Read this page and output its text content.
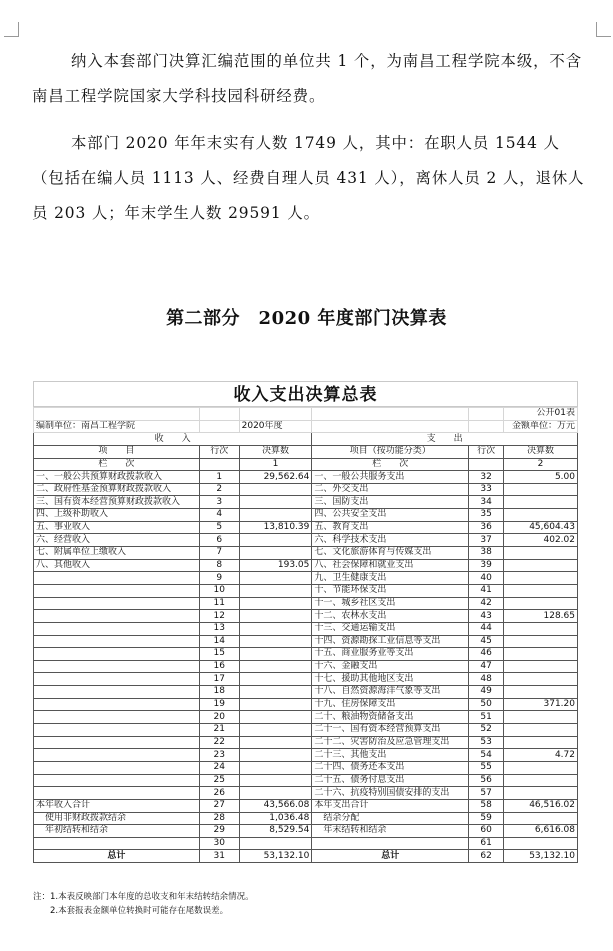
纳入本套部门决算汇编范围的单位共 1 个，为南昌工程学院本级，不含南昌工程学院国家大学科技园科研经费。

本部门 2020 年年末实有人数 1749 人，其中：在职人员 1544 人（包括在编人员 1113 人、经费自理人员 431 人），离休人员 2 人，退休人员 203 人；年末学生人数 29591 人。

第二部分　2020 年度部门决算表
收入支出决算总表
					公开01表
编制单位：南昌工程学院		2020年度			金额单位：万元
收　　入			支　　出		
项　　目	行次	决算数	项目（按功能分类）	行次	决算数
栏　　次		1	栏　　次		2
一、一般公共预算财政拨款收入	1	29,562.64	一、一般公共服务支出	32	5.00
二、政府性基金预算财政拨款收入	2		二、外交支出	33	
三、国有资本经营预算财政拨款收入	3		三、国防支出	34	
四、上级补助收入	4		四、公共安全支出	35	
五、事业收入	5	13,810.39	五、教育支出	36	45,604.43
六、经营收入	6		六、科学技术支出	37	402.02
七、附属单位上缴收入	7		七、文化旅游体育与传媒支出	38	
八、其他收入	8	193.05	八、社会保障和就业支出	39	
	9		九、卫生健康支出	40	
	10		十、节能环保支出	41	
	11		十一、城乡社区支出	42	
	12		十二、农林水支出	43	128.65
	13		十三、交通运输支出	44	
	14		十四、资源勘探工业信息等支出	45	
	15		十五、商业服务业等支出	46	
	16		十六、金融支出	47	
	17		十七、援助其他地区支出	48	
	18		十八、自然资源海洋气象等支出	49	
	19		十九、住房保障支出	50	371.20
	20		二十、粮油物资储备支出	51	
	21		二十一、国有资本经营预算支出	52	
	22		二十二、灾害防治及应急管理支出	53	
	23		二十三、其他支出	54	4.72
	24		二十四、债务还本支出	55	
	25		二十五、债务付息支出	56	
	26		二十六、抗疫特别国债安排的支出	57	
本年收入合计	27	43,566.08	本年支出合计	58	46,516.02
　使用非财政拨款结余	28	1,036.48	　结余分配	59	
　年初结转和结余	29	8,529.54	　年末结转和结余	60	6,616.08
	30			61	
总计	31	53,132.10	总计	62	53,132.10
注：1.本表反映部门本年度的总收支和年末结转结余情况。
　　2.本套报表金额单位转换时可能存在尾数误差。
